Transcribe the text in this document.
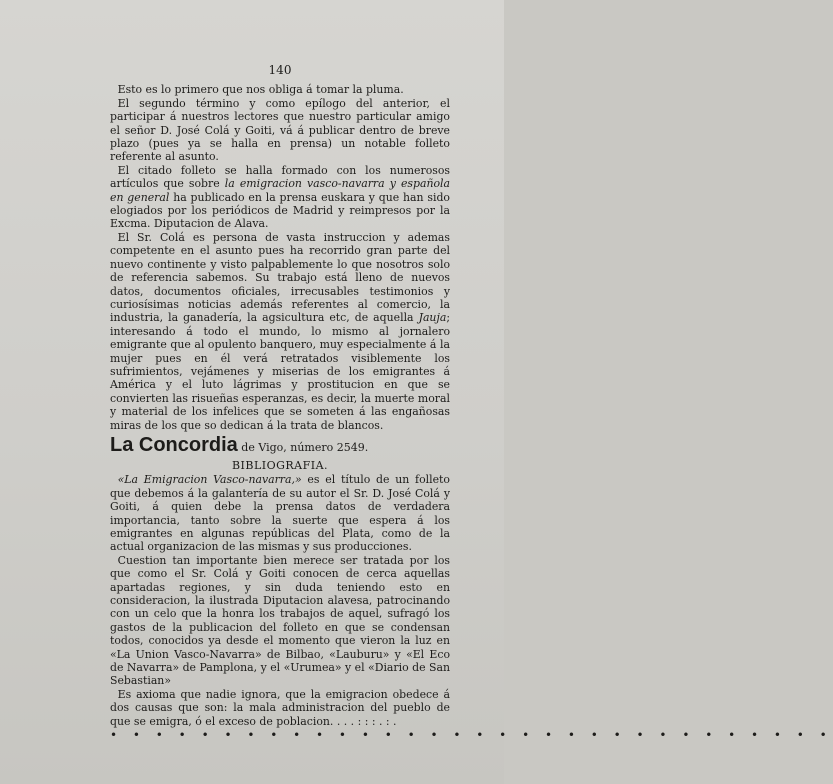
140

Esto es lo primero que nos obliga á tomar la pluma.

El segundo término y como epílogo del anterior, el participar á nuestros lectores que nuestro particular amigo el señor D. José Colá y Goiti, vá á publicar dentro de breve plazo (pues ya se halla en prensa) un notable folleto referente al asunto.

El citado folleto se halla formado con los numerosos artículos que sobre la emigracion vasco-navarra y española en general ha publicado en la prensa euskara y que han sido elogiados por los periódicos de Madrid y reimpresos por la Excma. Diputacion de Alava.

El Sr. Colá es persona de vasta instruccion y ademas competente en el asunto pues ha recorrido gran parte del nuevo continente y visto palpablemente lo que nosotros solo de referencia sabemos. Su trabajo está lleno de nuevos datos, documentos oficiales, irrecusables testimonios y curiosísimas noticias además referentes al comercio, la industria, la ganadería, la agsicultura etc, de aquella Jauja; interesando á todo el mundo, lo mismo al jornalero emigrante que al opulento banquero, muy especialmente á la mujer pues en él verá retratados visiblemente los sufrimientos, vejámenes y miserias de los emigrantes á América y el luto lágrimas y prostitucion en que se convierten las risueñas esperanzas, es decir, la muerte moral y material de los infelices que se someten á las engañosas miras de los que so dedican á la trata de blancos.

La Concordia de Vigo, número 2549.

BIBLIOGRAFIA.

«La Emigracion Vasco-navarra,» es el título de un folleto que debemos á la galantería de su autor el Sr. D. José Colá y Goiti, á quien debe la prensa datos de verdadera importancia, tanto sobre la suerte que espera á los emigrantes en algunas repúblicas del Plata, como de la actual organizacion de las mismas y sus producciones.

Cuestion tan importante bien merece ser tratada por los que como el Sr. Colá y Goiti conocen de cerca aquellas apartadas regiones, y sin duda teniendo esto en consideracion, la ilustrada Diputacion alavesa, patrocinando con un celo que la honra los trabajos de aquel, sufragó los gastos de la publicacion del folleto en que se condensan todos, conocidos ya desde el momento que vieron la luz en «La Union Vasco-Navarra» de Bilbao, «Lauburu» y «El Eco de Navarra» de Pamplona, y el «Urumea» y el «Diario de San Sebastian»

Es axioma que nadie ignora, que la emigracion obedece á dos causas que son: la mala administracion del pueblo de que se emigra, ó el exceso de poblacion. . . . : : : . : .

• • • • • • • • • • • • • • • • • • • • • • • • • • • • • • • •
